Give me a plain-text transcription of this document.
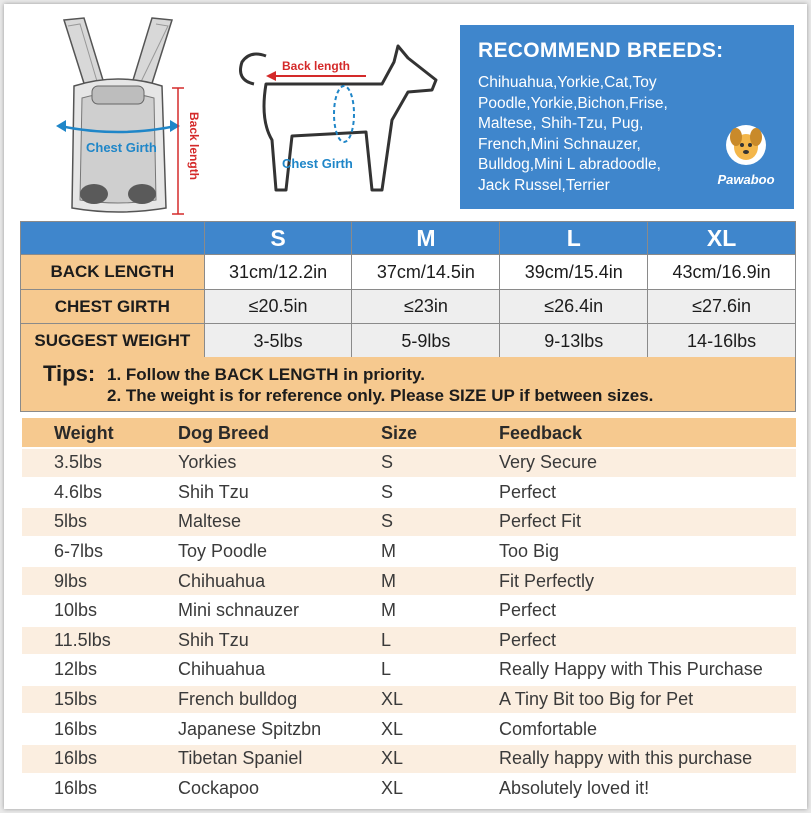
Chest Girth	Back length
Back length
Chest Girth
RECOMMEND BREEDS:
Chihuahua,Yorkie,Cat,Toy
Poodle,Yorkie,Bichon,Frise,
Maltese, Shih-Tzu, Pug,
French,Mini Schnauzer,
Bulldog,Mini L abradoodle,
Jack Russel,Terrier	Pawaboo
	S	M	L	XL
BACK LENGTH	31cm/12.2in	37cm/14.5in	39cm/15.4in	43cm/16.9in
CHEST GIRTH	≤20.5in	≤23in	≤26.4in	≤27.6in
SUGGEST WEIGHT	3-5lbs	5-9lbs	9-13lbs	14-16lbs
Tips: 1. Follow the BACK LENGTH in priority.
2. The weight is for reference only. Please SIZE UP if between sizes.
Weight	Dog Breed	Size	Feedback
3.5lbs	Yorkies	S	Very Secure
4.6lbs	Shih Tzu	S	Perfect
5lbs	Maltese	S	Perfect Fit
6-7lbs	Toy Poodle	M	Too Big
9lbs	Chihuahua	M	Fit Perfectly
10lbs	Mini schnauzer	M	Perfect
11.5lbs	Shih Tzu	L	Perfect
12lbs	Chihuahua	L	Really Happy with This Purchase
15lbs	French bulldog	XL	A Tiny Bit too Big for Pet
16lbs	Japanese Spitzbn	XL	Comfortable
16lbs	Tibetan Spaniel	XL	Really happy with this purchase
16lbs	Cockapoo	XL	Absolutely loved it!
